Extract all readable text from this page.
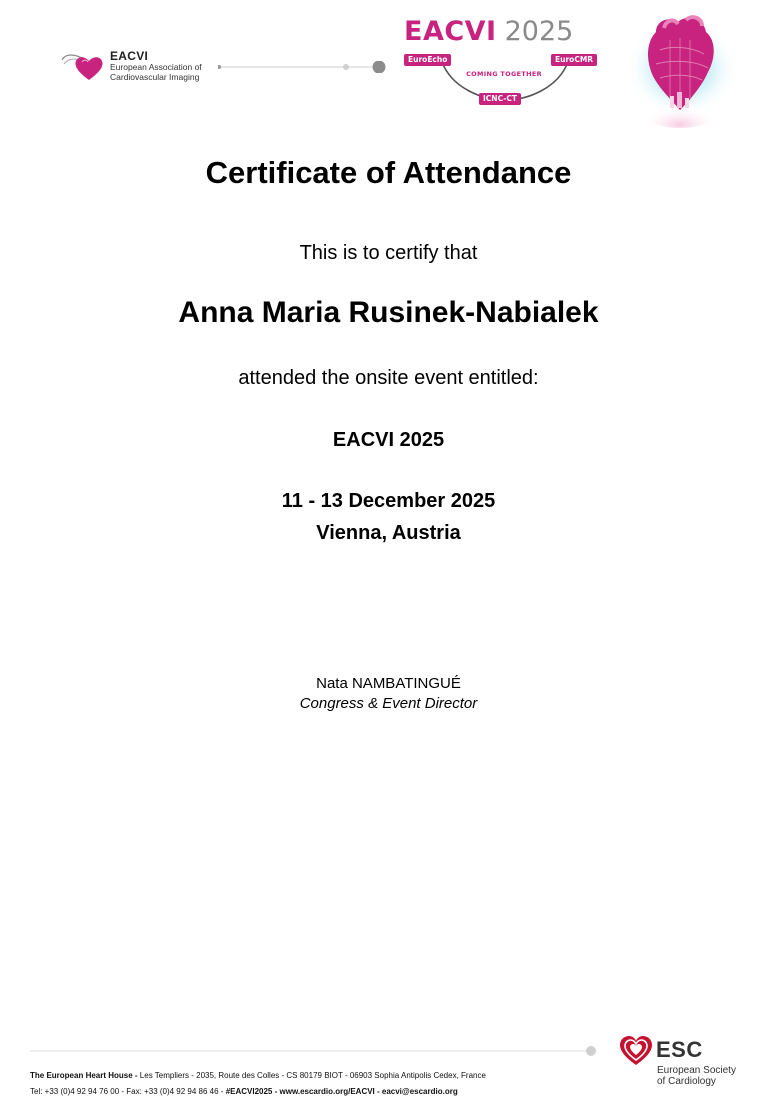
EACVI
European Association of
Cardiovascular Imaging
EACVI 2025
EuroEcho	EuroCMR
COMING TOGETHER
ICNC-CT
Certificate of Attendance
This is to certify that
Anna Maria Rusinek-Nabialek
attended the onsite event entitled:
EACVI 2025
11 - 13 December 2025
Vienna, Austria
Nata NAMBATINGUÉ
Congress & Event Director
ESC
European Society
of Cardiology
The European Heart House - Les Templiers - 2035, Route des Colles - CS 80179 BIOT - 06903 Sophia Antipolis Cedex, France
Tel: +33 (0)4 92 94 76 00 - Fax: +33 (0)4 92 94 86 46 - #EACVI2025 - www.escardio.org/EACVI - eacvi@escardio.org
